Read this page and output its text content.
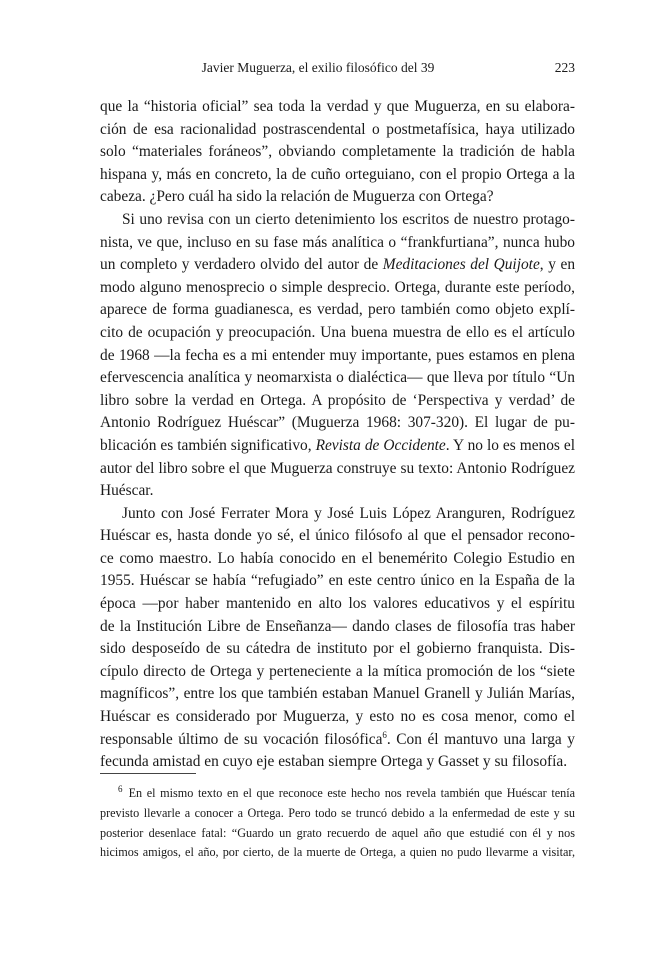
Javier Muguerza, el exilio filosófico del 39	223
que la “historia oficial” sea toda la verdad y que Muguerza, en su elabora-
ción de esa racionalidad postrascendental o postmetafísica, haya utilizado
solo “materiales foráneos”, obviando completamente la tradición de habla
hispana y, más en concreto, la de cuño orteguiano, con el propio Ortega a la
cabeza. ¿Pero cuál ha sido la relación de Muguerza con Ortega?
Si uno revisa con un cierto detenimiento los escritos de nuestro protago-
nista, ve que, incluso en su fase más analítica o “frankfurtiana”, nunca hubo
un completo y verdadero olvido del autor de Meditaciones del Quijote, y en
modo alguno menosprecio o simple desprecio. Ortega, durante este período,
aparece de forma guadianesca, es verdad, pero también como objeto explí-
cito de ocupación y preocupación. Una buena muestra de ello es el artículo
de 1968 —la fecha es a mi entender muy importante, pues estamos en plena
efervescencia analítica y neomarxista o dialéctica— que lleva por título “Un
libro sobre la verdad en Ortega. A propósito de ‘Perspectiva y verdad’ de
Antonio Rodríguez Huéscar” (Muguerza 1968: 307-320). El lugar de pu-
blicación es también significativo, Revista de Occidente. Y no lo es menos el
autor del libro sobre el que Muguerza construye su texto: Antonio Rodríguez
Huéscar.
Junto con José Ferrater Mora y José Luis López Aranguren, Rodríguez
Huéscar es, hasta donde yo sé, el único filósofo al que el pensador recono-
ce como maestro. Lo había conocido en el benemérito Colegio Estudio en
1955. Huéscar se había “refugiado” en este centro único en la España de la
época —por haber mantenido en alto los valores educativos y el espíritu
de la Institución Libre de Enseñanza— dando clases de filosofía tras haber
sido desposeído de su cátedra de instituto por el gobierno franquista. Dis-
cípulo directo de Ortega y perteneciente a la mítica promoción de los “siete
magníficos”, entre los que también estaban Manuel Granell y Julián Marías,
Huéscar es considerado por Muguerza, y esto no es cosa menor, como el
responsable último de su vocación filosófica$^6$. Con él mantuvo una larga y
fecunda amistad en cuyo eje estaban siempre Ortega y Gasset y su filosofía.
$^6$  En el mismo texto en el que reconoce este hecho nos revela también que Huéscar tenía
previsto llevarle a conocer a Ortega. Pero todo se truncó debido a la enfermedad de este y su
posterior desenlace fatal: “Guardo un grato recuerdo de aquel año que estudié con él y nos
hicimos amigos, el año, por cierto, de la muerte de Ortega, a quien no pudo llevarme a visitar,
